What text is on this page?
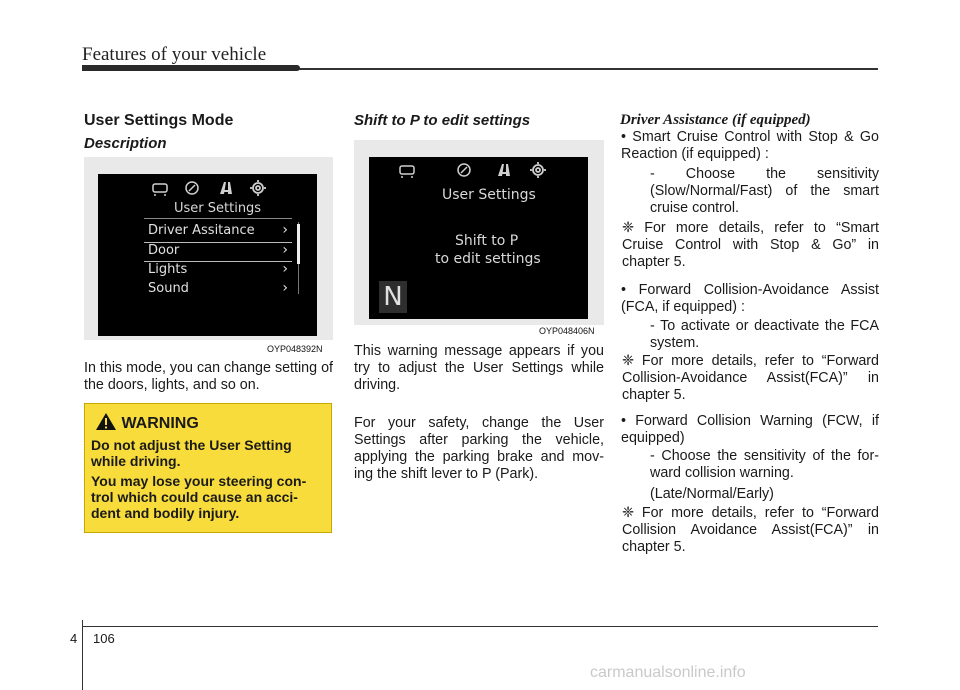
Features of your vehicle
User Settings Mode
Description
User Settings
Driver Assitance ›
Door	›
Lights	›
Sound	›
OYP048392N
In this mode, you can change setting of the doors, lights, and so on.
WARNING
Do not adjust the User Setting while driving.
You may lose your steering con- trol which could cause an acci- dent and bodily injury.
Shift to P to edit settings
User Settings
Shift to P
to edit settings
N
OYP048406N
This warning message appears if you try to adjust the User Settings while driving.
For your safety, change the User Settings after parking the vehicle, applying the parking brake and mov- ing the shift lever to P (Park).
Driver Assistance (if equipped)
• Smart Cruise Control with Stop & Go Reaction (if equipped) :
- Choose the sensitivity (Slow/Normal/Fast) of the smart cruise control.
❈ For more details, refer to “Smart Cruise Control with Stop & Go” in chapter 5.
• Forward Collision-Avoidance Assist (FCA, if equipped) :
- To activate or deactivate the FCA system.
❈ For more details, refer to “Forward Collision-Avoidance Assist(FCA)” in chapter 5.
• Forward Collision Warning (FCW, if equipped)
- Choose the sensitivity of the for- ward collision warning.
(Late/Normal/Early)
❈ For more details, refer to “Forward Collision Avoidance Assist(FCA)” in chapter 5.
4 106
carmanualsonline.info
